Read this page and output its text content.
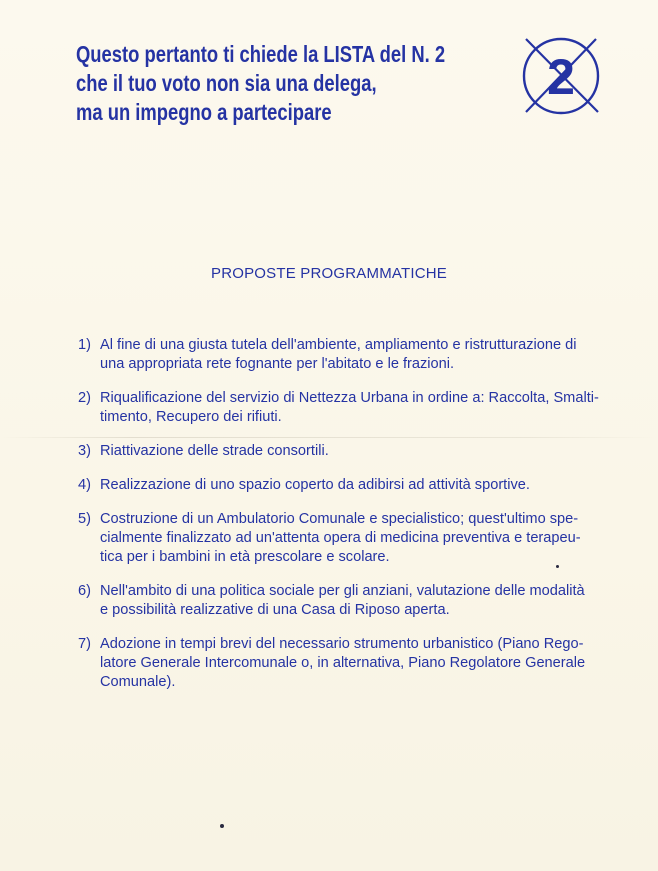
Questo pertanto ti chiede la LISTA del N. 2
che il tuo voto non sia una delega,
ma un impegno a partecipare
2
PROPOSTE PROGRAMMATICHE
1) Al fine di una giusta tutela dell'ambiente, ampliamento e ristrutturazione di
una appropriata rete fognante per l'abitato e le frazioni.
2) Riqualificazione del servizio di Nettezza Urbana in ordine a: Raccolta, Smalti-
timento, Recupero dei rifiuti.
3) Riattivazione delle strade consortili.
4) Realizzazione di uno spazio coperto da adibirsi ad attività sportive.
5) Costruzione di un Ambulatorio Comunale e specialistico; quest'ultimo spe-
cialmente finalizzato ad un'attenta opera di medicina preventiva e terapeu-
tica per i bambini in età prescolare e scolare.
6) Nell'ambito di una politica sociale per gli anziani, valutazione delle modalità
e possibilità realizzative di una Casa di Riposo aperta.
7) Adozione in tempi brevi del necessario strumento urbanistico (Piano Rego-
latore Generale Intercomunale o, in alternativa, Piano Regolatore Generale
Comunale).
